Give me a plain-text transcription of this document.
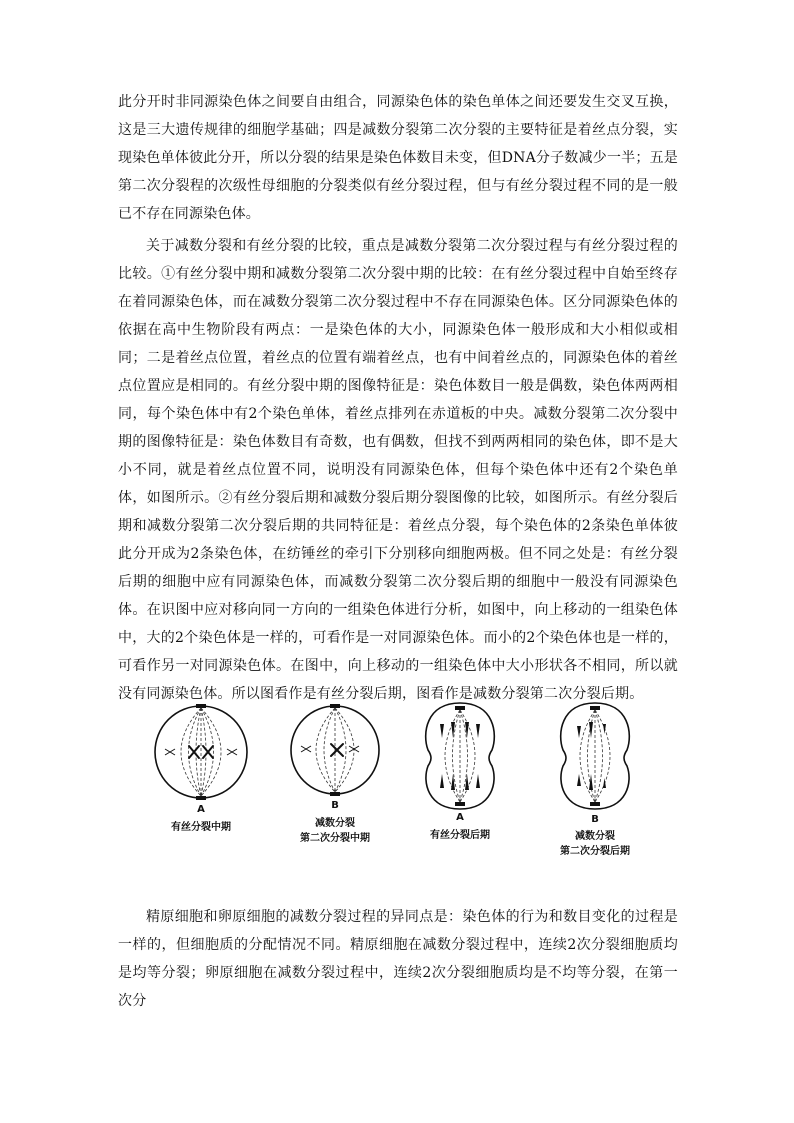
此分开时非同源染色体之间要自由组合，同源染色体的染色单体之间还要发生交叉互换，这是三大遗传规律的细胞学基础；四是减数分裂第二次分裂的主要特征是着丝点分裂，实现染色单体彼此分开，所以分裂的结果是染色体数目未变，但DNA分子数减少一半；五是第二次分裂程的次级性母细胞的分裂类似有丝分裂过程，但与有丝分裂过程不同的是一般已不存在同源染色体。

关于减数分裂和有丝分裂的比较，重点是减数分裂第二次分裂过程与有丝分裂过程的比较。①有丝分裂中期和减数分裂第二次分裂中期的比较：在有丝分裂过程中自始至终存在着同源染色体，而在减数分裂第二次分裂过程中不存在同源染色体。区分同源染色体的依据在高中生物阶段有两点：一是染色体的大小，同源染色体一般形成和大小相似或相同；二是着丝点位置，着丝点的位置有端着丝点，也有中间着丝点的，同源染色体的着丝点位置应是相同的。有丝分裂中期的图像特征是：染色体数目一般是偶数，染色体两两相同，每个染色体中有2个染色单体，着丝点排列在赤道板的中央。减数分裂第二次分裂中期的图像特征是：染色体数目有奇数，也有偶数，但找不到两两相同的染色体，即不是大小不同，就是着丝点位置不同，说明没有同源染色体，但每个染色体中还有2个染色单体，如图所示。②有丝分裂后期和减数分裂后期分裂图像的比较，如图所示。有丝分裂后期和减数分裂第二次分裂后期的共同特征是：着丝点分裂，每个染色体的2条染色单体彼此分开成为2条染色体，在纺锤丝的牵引下分别移向细胞两极。但不同之处是：有丝分裂后期的细胞中应有同源染色体，而减数分裂第二次分裂后期的细胞中一般没有同源染色体。在识图中应对移向同一方向的一组染色体进行分析，如图中，向上移动的一组染色体中，大的2个染色体是一样的，可看作是一对同源染色体。而小的2个染色体也是一样的，可看作另一对同源染色体。在图中，向上移动的一组染色体中大小形状各不相同，所以就没有同源染色体。所以图看作是有丝分裂后期，图看作是减数分裂第二次分裂后期。

A
有丝分裂中期
B
减数分裂
第二次分裂中期
A
有丝分裂后期
B
减数分裂
第二次分裂后期

精原细胞和卵原细胞的减数分裂过程的异同点是：染色体的行为和数目变化的过程是一样的，但细胞质的分配情况不同。精原细胞在减数分裂过程中，连续2次分裂细胞质均是均等分裂；卵原细胞在减数分裂过程中，连续2次分裂细胞质均是不均等分裂，在第一次分
